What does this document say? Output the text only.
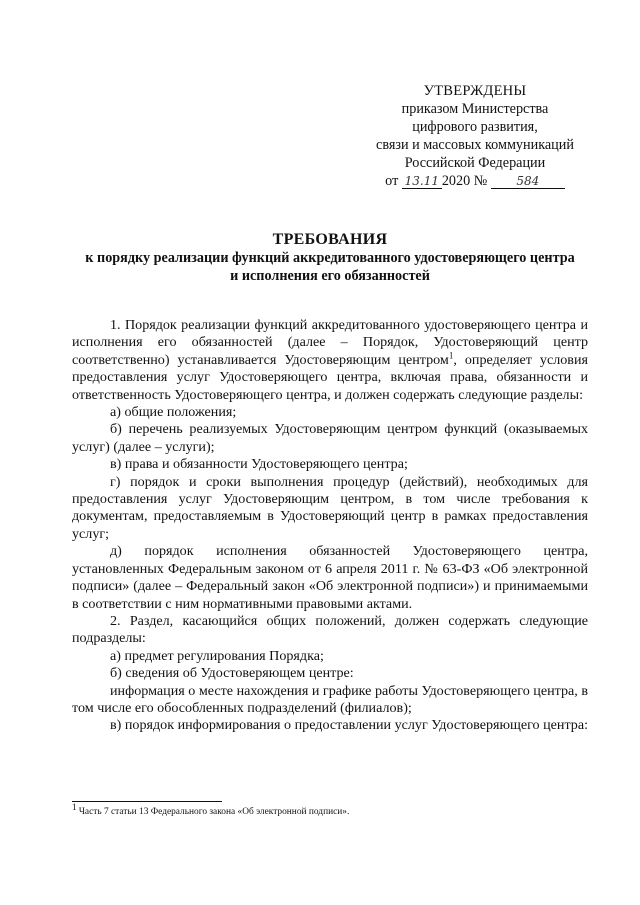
УТВЕРЖДЕНЫ
приказом Министерства
цифрового развития,
связи и массовых коммуникаций
Российской Федерации
от 13.11 2020 № 584
ТРЕБОВАНИЯ
к порядку реализации функций аккредитованного удостоверяющего центра
и исполнения его обязанностей

1. Порядок реализации функций аккредитованного удостоверяющего центра и исполнения его обязанностей (далее – Порядок, Удостоверяющий центр соответственно) устанавливается Удостоверяющим центром$^1$, определяет условия предоставления услуг Удостоверяющего центра, включая права, обязанности и ответственность Удостоверяющего центра, и должен содержать следующие разделы:

а) общие положения;

б) перечень реализуемых Удостоверяющим центром функций (оказываемых услуг) (далее – услуги);

в) права и обязанности Удостоверяющего центра;

г) порядок и сроки выполнения процедур (действий), необходимых для предоставления услуг Удостоверяющим центром, в том числе требования к документам, предоставляемым в Удостоверяющий центр в рамках предоставления услуг;

д) порядок исполнения обязанностей Удостоверяющего центра, установленных Федеральным законом от 6 апреля 2011 г. № 63-ФЗ «Об электронной подписи» (далее – Федеральный закон «Об электронной подписи») и принимаемыми в соответствии с ним нормативными правовыми актами.

2. Раздел, касающийся общих положений, должен содержать следующие подразделы:

а) предмет регулирования Порядка;

б) сведения об Удостоверяющем центре:

информация о месте нахождения и графике работы Удостоверяющего центра, в том числе его обособленных подразделений (филиалов);

в) порядок информирования о предоставлении услуг Удостоверяющего центра:

$^1$ Часть 7 статьи 13 Федерального закона «Об электронной подписи».
